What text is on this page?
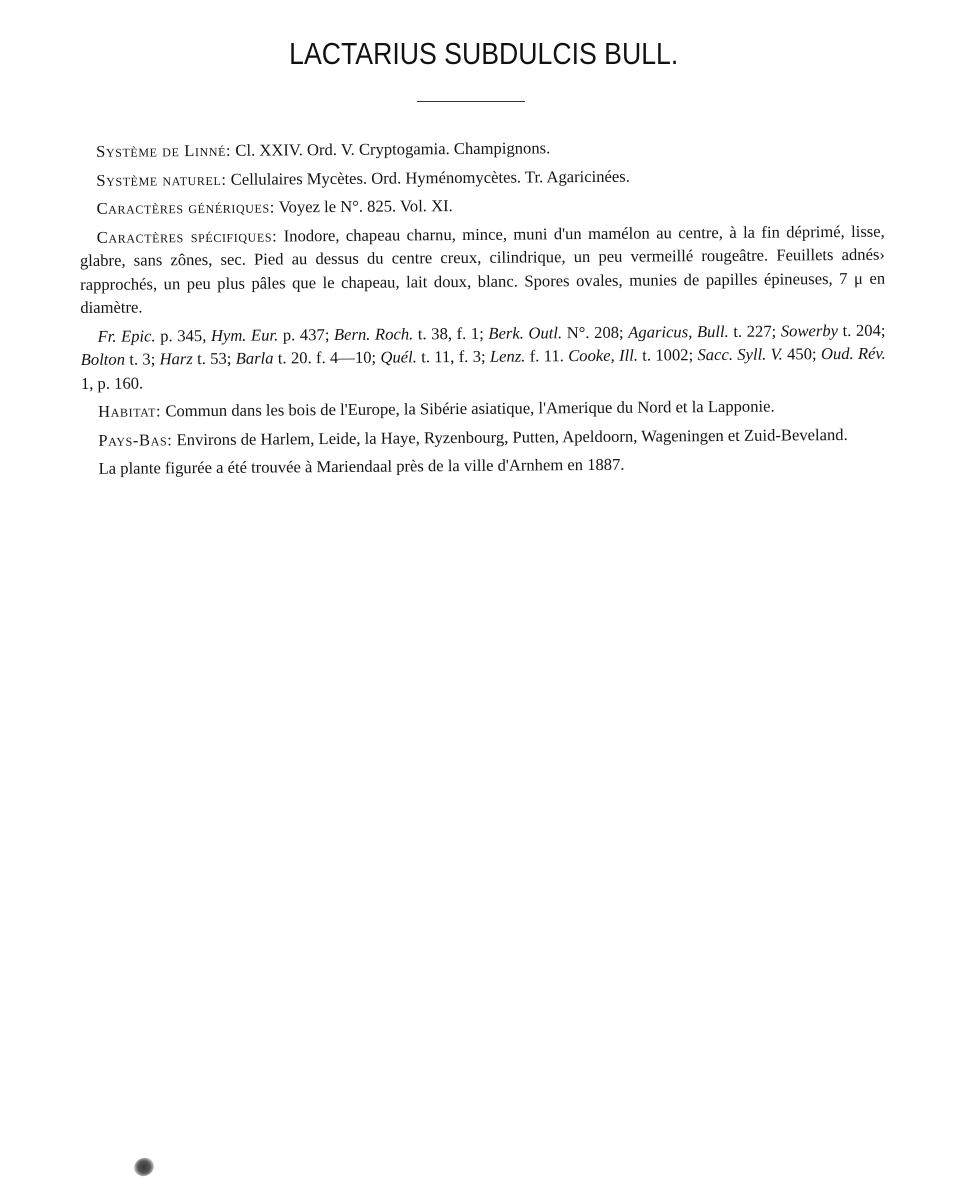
LACTARIUS SUBDULCIS BULL.

Système de Linné: Cl. XXIV. Ord. V. Cryptogamia. Champignons.

Système naturel: Cellulaires Mycètes. Ord. Hyménomycètes. Tr. Agaricinées.

Caractères génériques: Voyez le N°. 825. Vol. XI.

Caractères spécifiques: Inodore, chapeau charnu, mince, muni d'un mamélon au centre, à la fin déprimé, lisse, glabre, sans zônes, sec. Pied au dessus du centre creux, cilindrique, un peu vermeillé rougeâtre. Feuillets adnés› rapprochés, un peu plus pâles que le chapeau, lait doux, blanc. Spores ovales, munies de papilles épineuses, 7 μ en diamètre.

Fr. Epic. p. 345, Hym. Eur. p. 437; Bern. Roch. t. 38, f. 1; Berk. Outl. N°. 208; Agaricus, Bull. t. 227; Sowerby t. 204; Bolton t. 3; Harz t. 53; Barla t. 20. f. 4—10; Quél. t. 11, f. 3; Lenz. f. 11. Cooke, Ill. t. 1002; Sacc. Syll. V. 450; Oud. Rév. 1, p. 160.

Habitat: Commun dans les bois de l'Europe, la Sibérie asiatique, l'Amerique du Nord et la Lapponie.

Pays-Bas: Environs de Harlem, Leide, la Haye, Ryzenbourg, Putten, Apeldoorn, Wageningen et Zuid-Beveland.

La plante figurée a été trouvée à Mariendaal près de la ville d'Arnhem en 1887.
